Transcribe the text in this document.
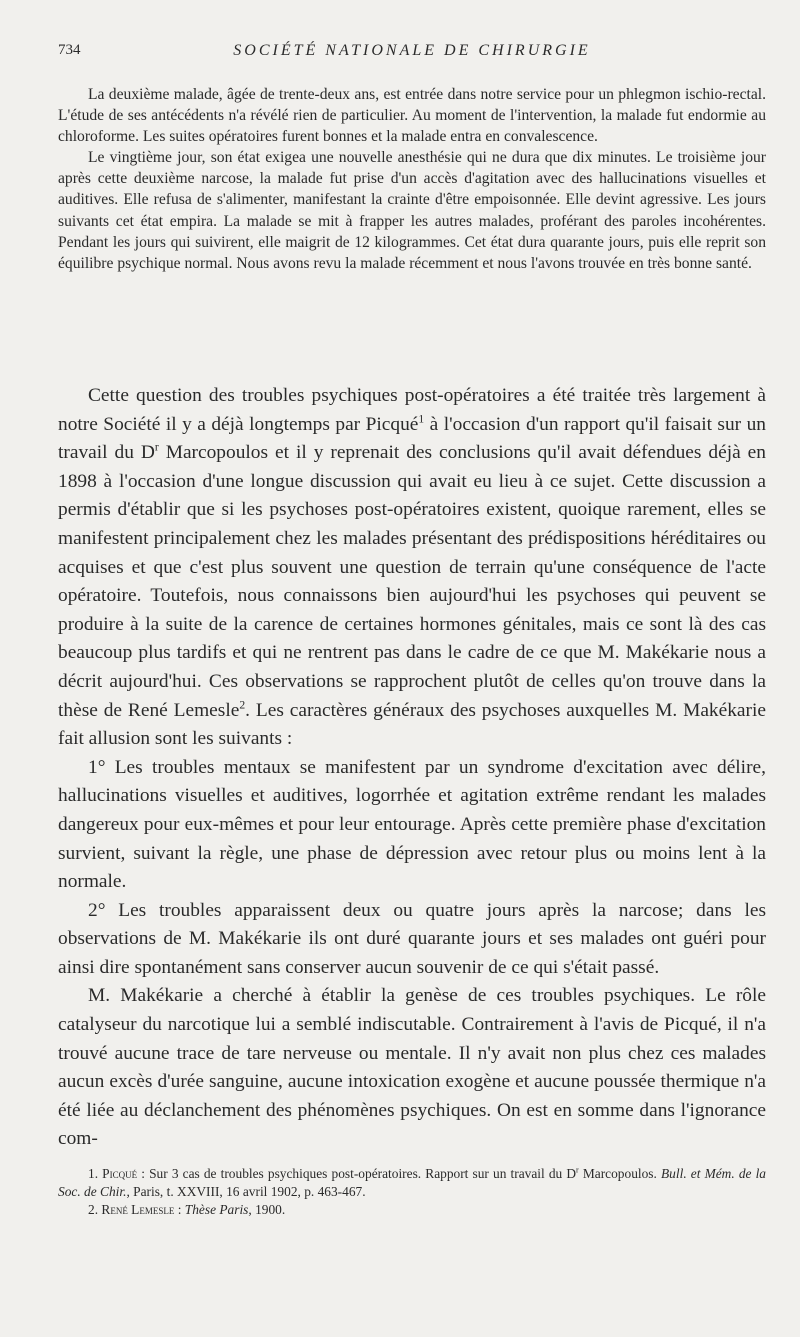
734	SOCIÉTÉ NATIONALE DE CHIRURGIE

La deuxième malade, âgée de trente-deux ans, est entrée dans notre service pour un phlegmon ischio-rectal. L'étude de ses antécédents n'a révélé rien de particulier. Au moment de l'intervention, la malade fut endormie au chloroforme. Les suites opératoires furent bonnes et la malade entra en convalescence.

Le vingtième jour, son état exigea une nouvelle anesthésie qui ne dura que dix minutes. Le troisième jour après cette deuxième narcose, la malade fut prise d'un accès d'agitation avec des hallucinations visuelles et auditives. Elle refusa de s'alimenter, manifestant la crainte d'être empoisonnée. Elle devint agressive. Les jours suivants cet état empira. La malade se mit à frapper les autres malades, proférant des paroles incohérentes. Pendant les jours qui suivirent, elle maigrit de 12 kilogrammes. Cet état dura quarante jours, puis elle reprit son équilibre psychique normal. Nous avons revu la malade récemment et nous l'avons trouvée en très bonne santé.

Cette question des troubles psychiques post-opératoires a été traitée très largement à notre Société il y a déjà longtemps par Picqué$^1$ à l'occasion d'un rapport qu'il faisait sur un travail du $D^r$ Marcopoulos et il y reprenait des conclusions qu'il avait défendues déjà en 1898 à l'occasion d'une longue discussion qui avait eu lieu à ce sujet. Cette discussion a permis d'établir que si les psychoses post-opératoires existent, quoique rarement, elles se manifestent principalement chez les malades présentant des prédispositions héréditaires ou acquises et que c'est plus souvent une question de terrain qu'une conséquence de l'acte opératoire. Toutefois, nous connaissons bien aujourd'hui les psychoses qui peuvent se produire à la suite de la carence de certaines hormones génitales, mais ce sont là des cas beaucoup plus tardifs et qui ne rentrent pas dans le cadre de ce que M. Makékarie nous a décrit aujourd'hui. Ces observations se rapprochent plutôt de celles qu'on trouve dans la thèse de René Lemesle$^2$. Les caractères généraux des psychoses auxquelles M. Makékarie fait allusion sont les suivants :

1° Les troubles mentaux se manifestent par un syndrome d'excitation avec délire, hallucinations visuelles et auditives, logorrhée et agitation extrême rendant les malades dangereux pour eux-mêmes et pour leur entourage. Après cette première phase d'excitation survient, suivant la règle, une phase de dépression avec retour plus ou moins lent à la normale.

2° Les troubles apparaissent deux ou quatre jours après la narcose; dans les observations de M. Makékarie ils ont duré quarante jours et ses malades ont guéri pour ainsi dire spontanément sans conserver aucun souvenir de ce qui s'était passé.

M. Makékarie a cherché à établir la genèse de ces troubles psychiques. Le rôle catalyseur du narcotique lui a semblé indiscutable. Contrairement à l'avis de Picqué, il n'a trouvé aucune trace de tare nerveuse ou mentale. Il n'y avait non plus chez ces malades aucun excès d'urée sanguine, aucune intoxication exogène et aucune poussée thermique n'a été liée au déclanchement des phénomènes psychiques. On est en somme dans l'ignorance com-

1. Picqué : Sur 3 cas de troubles psychiques post-opératoires. Rapport sur un travail du $D^r$ Marcopoulos. Bull. et Mém. de la Soc. de Chir., Paris, t. XXVIII, 16 avril 1902, p. 463-467.

2. René Lemesle : Thèse Paris, 1900.
